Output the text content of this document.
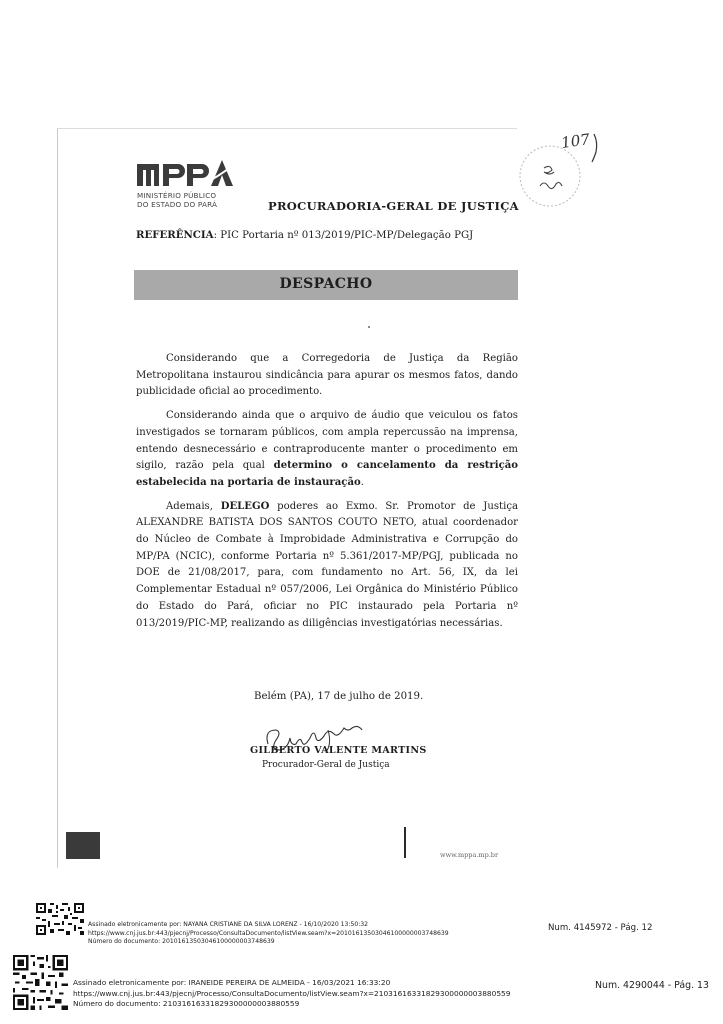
MINISTÉRIO PÚBLICO
DO ESTADO DO PARÁ	PROCURADORIA-GERAL DE JUSTIÇA
107
REFERÊNCIA: PIC Portaria nº 013/2019/PIC-MP/Delegação PGJ
DESPACHO

Considerando que a Corregedoria de Justiça da Região Metropolitana instaurou sindicância para apurar os mesmos fatos, dando publicidade oficial ao procedimento.

Considerando ainda que o arquivo de áudio que veiculou os fatos investigados se tornaram públicos, com ampla repercussão na imprensa, entendo desnecessário e contraproducente manter o procedimento em sigilo, razão pela qual determino o cancelamento da restrição estabelecida na portaria de instauração.

Ademais, DELEGO poderes ao Exmo. Sr. Promotor de Justiça ALEXANDRE BATISTA DOS SANTOS COUTO NETO, atual coordenador do Núcleo de Combate à Improbidade Administrativa e Corrupção do MP/PA (NCIC), conforme Portaria nº 5.361/2017-MP/PGJ, publicada no DOE de 21/08/2017, para, com fundamento no Art. 56, IX, da lei Complementar Estadual nº 057/2006, Lei Orgânica do Ministério Público do Estado do Pará, oficiar no PIC instaurado pela Portaria nº 013/2019/PIC-MP, realizando as diligências investigatórias necessárias.

Belém (PA), 17 de julho de 2019.
GILBERTO VALENTE MARTINS
Procurador-Geral de Justiça
www.mppa.mp.br
Assinado eletronicamente por: NAYANA CRISTIANE DA SILVA LORENZ - 16/10/2020 13:50:32
https://www.cnj.jus.br:443/pjecnj/Processo/ConsultaDocumento/listView.seam?x=20101613503046100000003748639
Número do documento: 20101613503046100000003748639
Num. 4145972 - Pág. 12
Assinado eletronicamente por: IRANEIDE PEREIRA DE ALMEIDA - 16/03/2021 16:33:20
https://www.cnj.jus.br:443/pjecnj/Processo/ConsultaDocumento/listView.seam?x=21031616331829300000003880559
Número do documento: 21031616331829300000003880559
Num. 4290044 - Pág. 13
